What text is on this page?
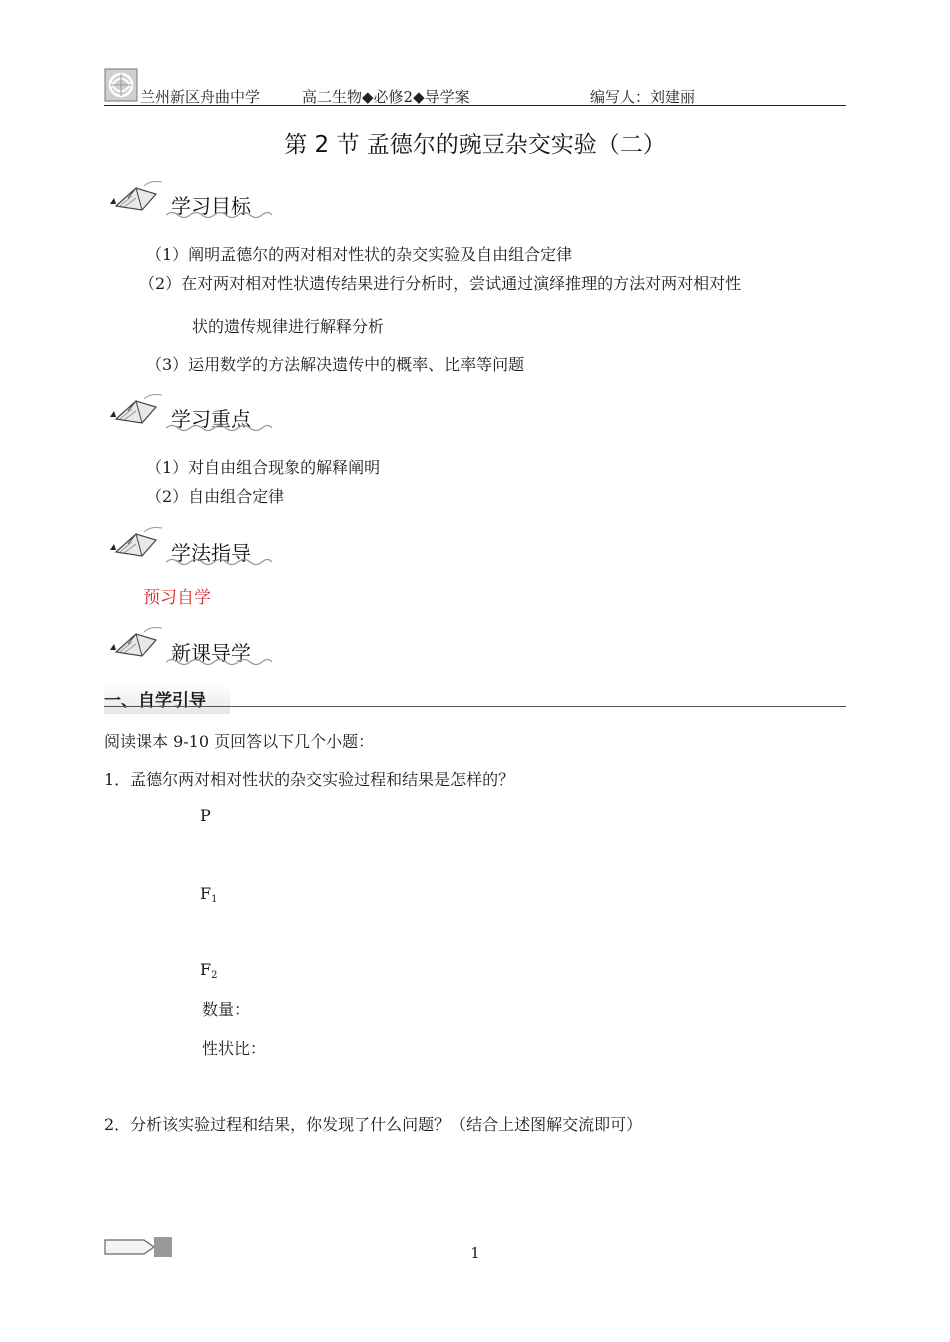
兰州新区舟曲中学	高二生物◆必修2◆导学案	编写人：刘建丽
第 2 节 孟德尔的豌豆杂交实验（二）
学习目标
（1）阐明孟德尔的两对相对性状的杂交实验及自由组合定律
（2）在对两对相对性状遗传结果进行分析时，尝试通过演绎推理的方法对两对相对性
状的遗传规律进行解释分析
（3）运用数学的方法解决遗传中的概率、比率等问题
学习重点
（1）对自由组合现象的解释阐明
（2）自由组合定律
学法指导
预习自学
新课导学
一、自学引导
阅读课本 9-10 页回答以下几个小题：
1．孟德尔两对相对性状的杂交实验过程和结果是怎样的？
P
$F_1$
$F_2$
数量：
性状比：
2．分析该实验过程和结果，你发现了什么问题？（结合上述图解交流即可）
1
